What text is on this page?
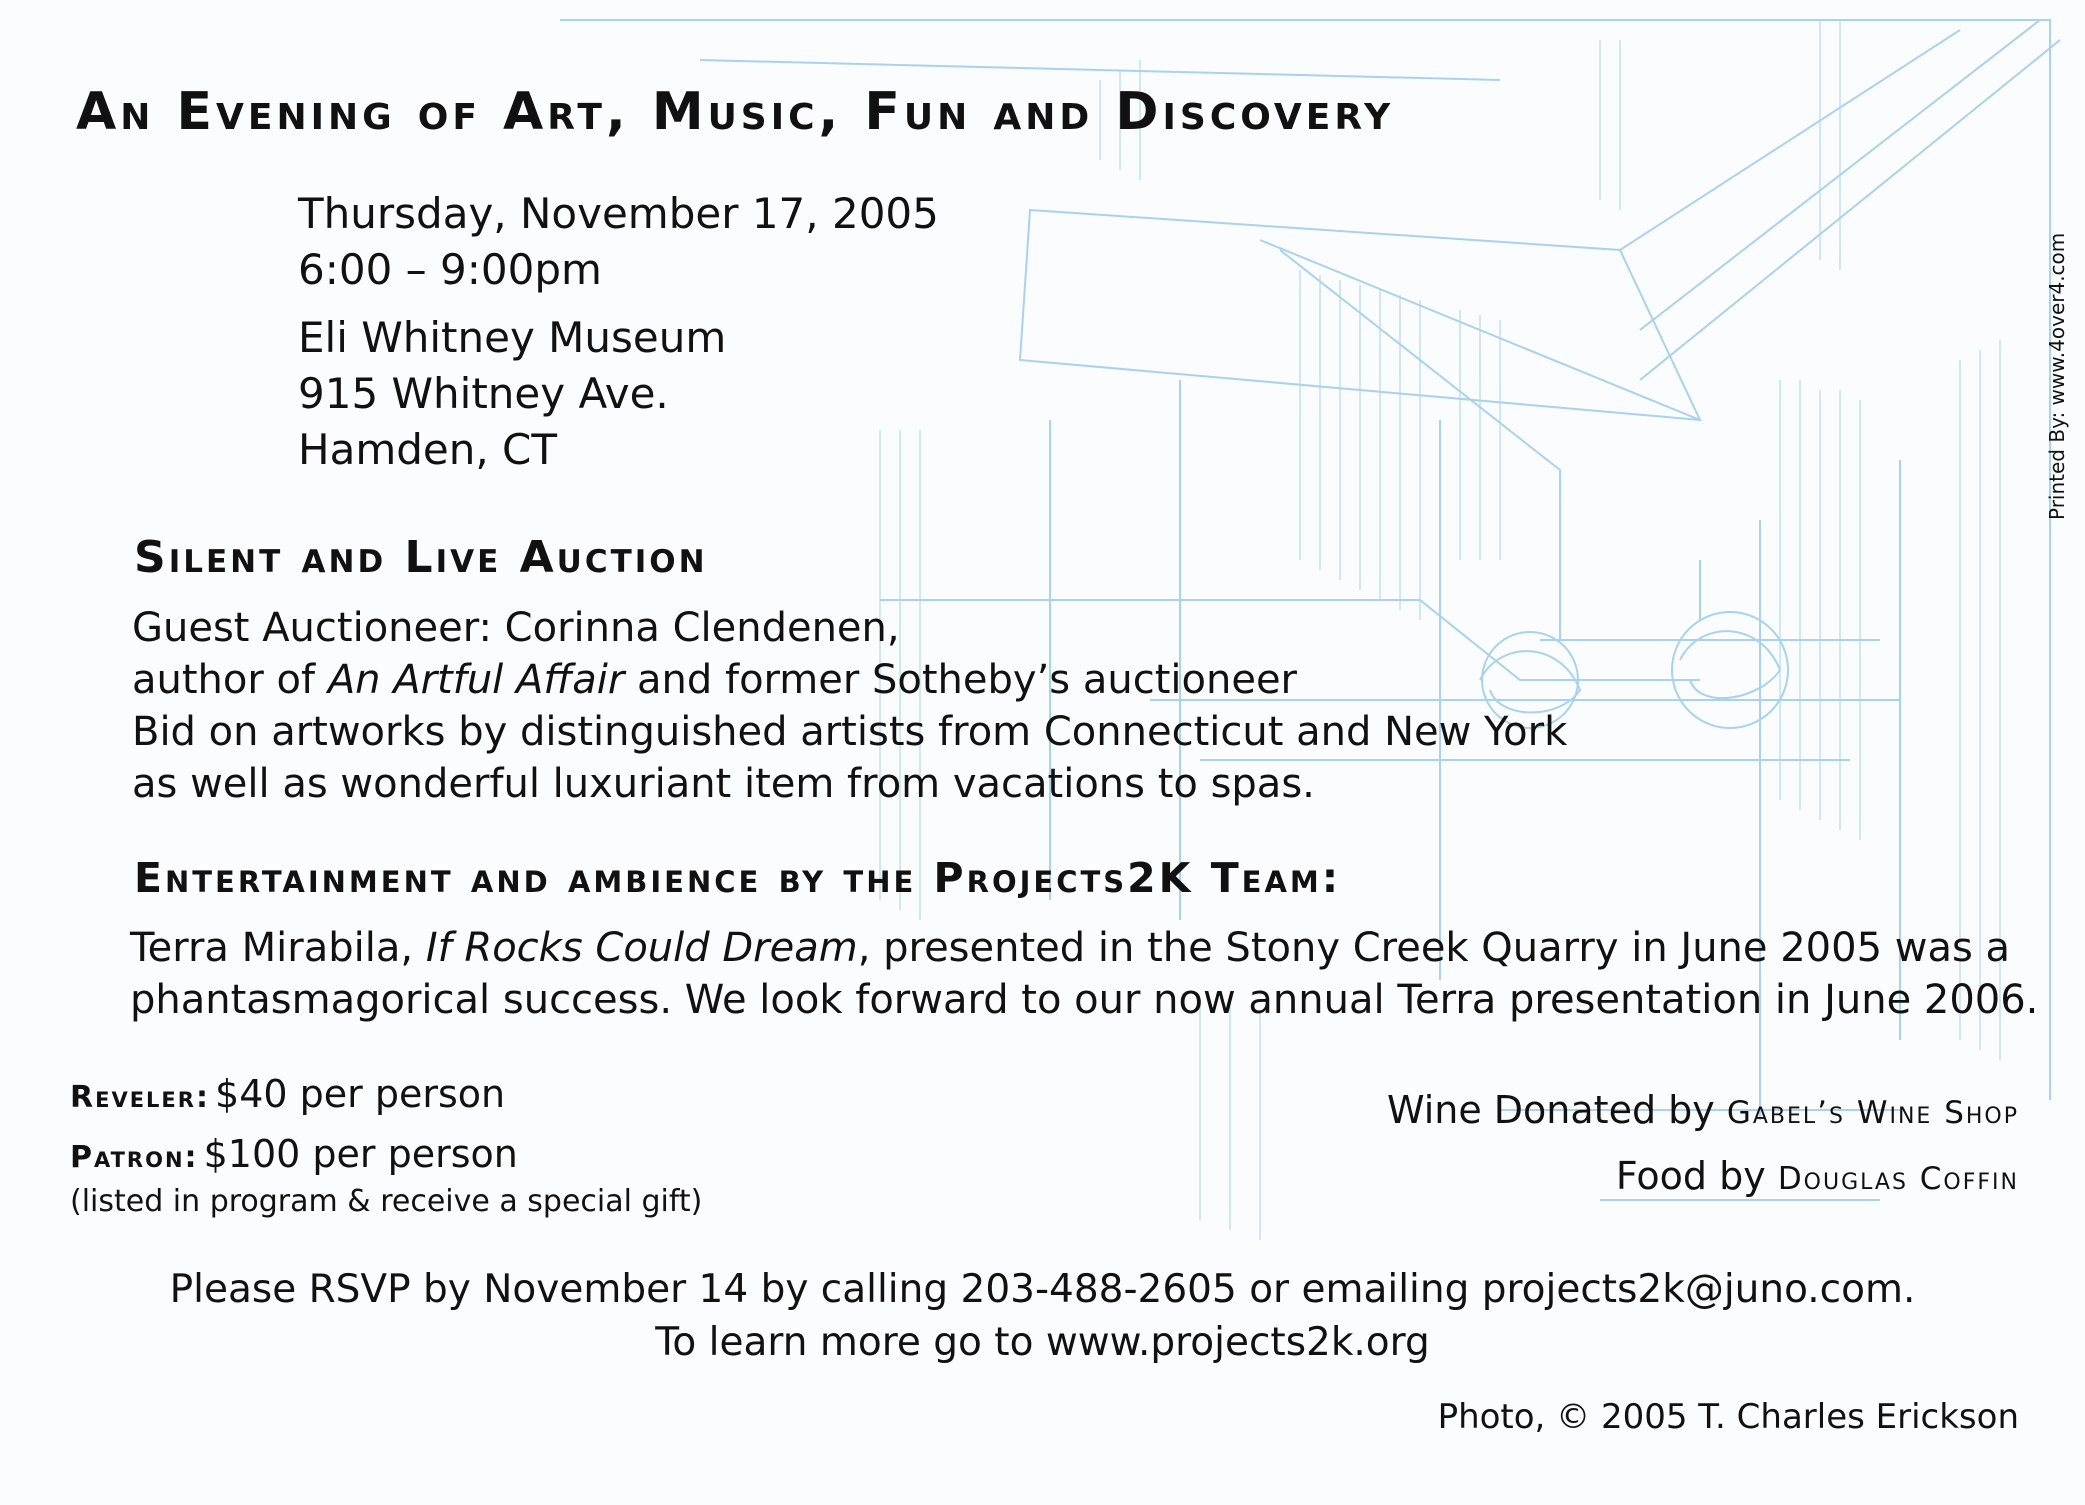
An Evening of Art, Music, Fun and Discovery
Thursday, November 17, 2005
6:00 – 9:00pm
Eli Whitney Museum
915 Whitney Ave.
Hamden, CT
Silent and Live Auction
Guest Auctioneer: Corinna Clendenen,
author of An Artful Affair and former Sotheby’s auctioneer
Bid on artworks by distinguished artists from Connecticut and New York
as well as wonderful luxuriant item from vacations to spas.
Entertainment and ambience by the Projects2K Team:
Terra Mirabila, If Rocks Could Dream, presented in the Stony Creek Quarry in June 2005 was a
phantasmagorical success. We look forward to our now annual Terra presentation in June 2006.
Reveler: $40 per person
Patron: $100 per person
(listed in program & receive a special gift)
Wine Donated by Gabel’s Wine Shop
Food by Douglas Coffin
Please RSVP by November 14 by calling 203-488-2605 or emailing projects2k@juno.com.
To learn more go to www.projects2k.org
Photo, © 2005 T. Charles Erickson
Printed By: www.4over4.com
